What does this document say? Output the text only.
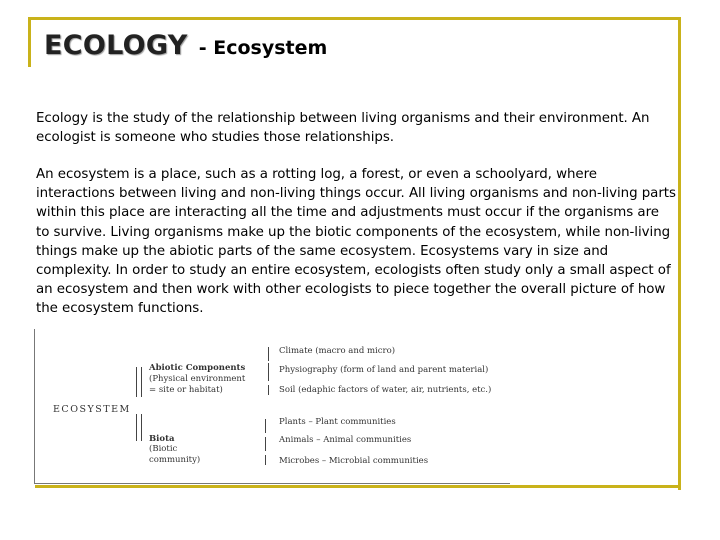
ECOLOGY - Ecosystem

Ecology is the study of the relationship between living organisms and their environment. An ecologist is someone who studies those relationships.

An ecosystem is a place, such as a rotting log, a forest, or even a schoolyard, where interactions between living and non-living things occur. All living organisms and non-living parts within this place are interacting all the time and adjustments must occur if the organisms are to survive. Living organisms make up the biotic components of the ecosystem, while non-living things make up the abiotic parts of the same ecosystem. Ecosystems vary in size and complexity. In order to study an entire ecosystem, ecologists often study only a small aspect of an ecosystem and then work with other ecologists to piece together the overall picture of how the ecosystem functions.

ECOSYSTEM
Abiotic Components
(Physical environment
= site or habitat)
Climate (macro and micro)
Physiography (form of land and parent material)
Soil (edaphic factors of water, air, nutrients, etc.)
Biota
(Biotic
community)
Plants – Plant communities
Animals – Animal communities
Microbes – Microbial communities
